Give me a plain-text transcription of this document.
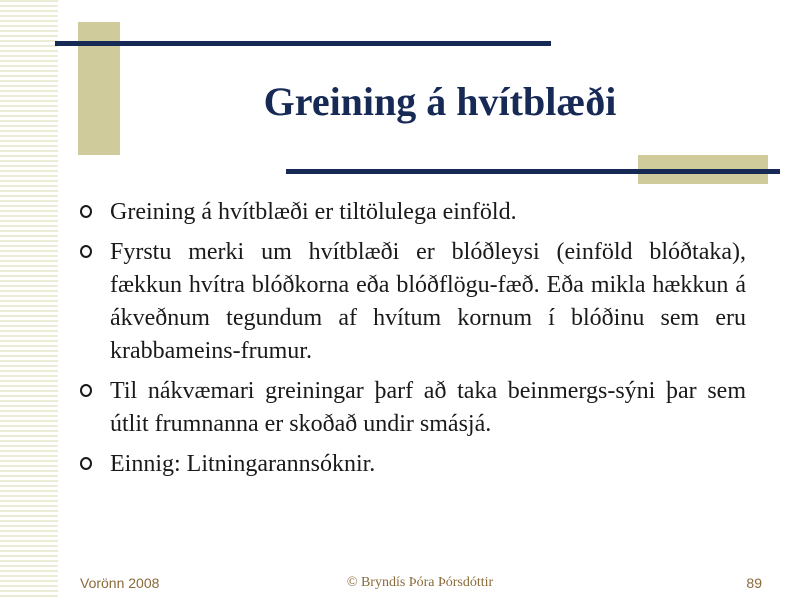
Greining á hvítblæði
Greining á hvítblæði er tiltölulega einföld.
Fyrstu merki um hvítblæði er blóðleysi (einföld blóðtaka), fækkun hvítra blóðkorna eða blóðflögu-fæð. Eða mikla hækkun á ákveðnum tegundum af hvítum kornum í blóðinu sem eru krabbameins-frumur.
Til nákvæmari greiningar þarf að taka beinmergs-sýni þar sem útlit frumnanna er skoðað undir smásjá.
Einnig: Litningarannsóknir.
Vorönn 2008	© Bryndís Þóra Þórsdóttir	89
